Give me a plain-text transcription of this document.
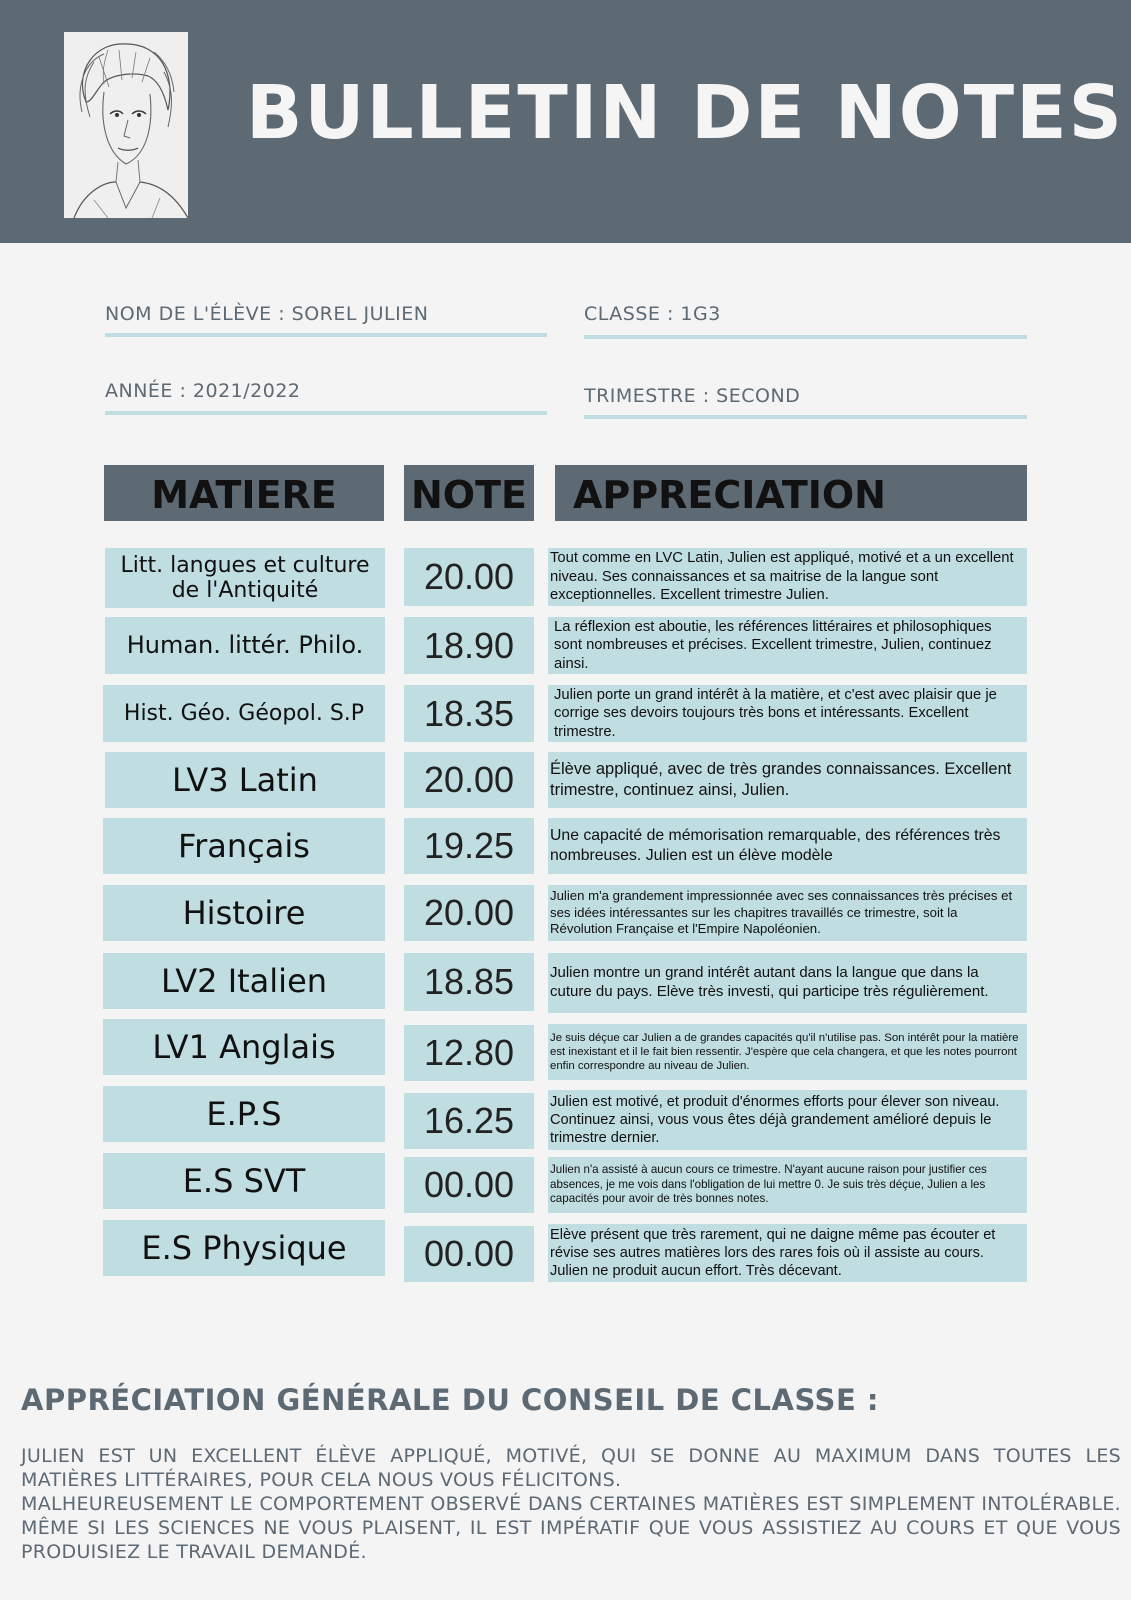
BULLETIN DE NOTES
NOM DE L'ÉLÈVE : SOREL JULIEN	CLASSE : 1G3
ANNÉE : 2021/2022	TRIMESTRE : SECOND
MATIERE	NOTE	APPRECIATION
Litt. langues et culture de l'Antiquité	20.00	Tout comme en LVC Latin, Julien est appliqué, motivé et a un excellent niveau. Ses connaissances et sa maitrise de la langue sont exceptionnelles. Excellent trimestre Julien.
Human. littér. Philo.	18.90	La réflexion est aboutie, les références littéraires et philosophiques sont nombreuses et précises. Excellent trimestre, Julien, continuez ainsi.
Hist. Géo. Géopol. S.P	18.35	Julien porte un grand intérêt à la matière, et c'est avec plaisir que je corrige ses devoirs toujours très bons et intéressants. Excellent trimestre.
LV3 Latin	20.00	Élève appliqué, avec de très grandes connaissances. Excellent trimestre, continuez ainsi, Julien.
Français	19.25	Une capacité de mémorisation remarquable, des références très nombreuses. Julien est un élève modèle
Histoire	20.00	Julien m'a grandement impressionnée avec ses connaissances très précises et ses idées intéressantes sur les chapitres travaillés ce trimestre, soit la Révolution Française et l'Empire Napoléonien.
LV2 Italien	18.85	Julien montre un grand intérêt autant dans la langue que dans la cuture du pays. Elève très investi, qui participe très régulièrement.
LV1 Anglais	12.80	Je suis déçue car Julien a de grandes capacités qu'il n'utilise pas. Son intérêt pour la matière est inexistant et il le fait bien ressentir. J'espère que cela changera, et que les notes pourront enfin correspondre au niveau de Julien.
E.P.S	16.25	Julien est motivé, et produit d'énormes efforts pour élever son niveau. Continuez ainsi, vous vous êtes déjà grandement amélioré depuis le trimestre dernier.
E.S SVT	00.00	Julien n'a assisté à aucun cours ce trimestre. N'ayant aucune raison pour justifier ces absences, je me vois dans l'obligation de lui mettre 0. Je suis très déçue, Julien a les capacités pour avoir de très bonnes notes.
E.S Physique	00.00	Elève présent que très rarement, qui ne daigne même pas écouter et révise ses autres matières lors des rares fois où il assiste au cours. Julien ne produit aucun effort. Très décevant.
APPRÉCIATION GÉNÉRALE DU CONSEIL DE CLASSE :

JULIEN EST UN EXCELLENT ÉLÈVE APPLIQUÉ, MOTIVÉ, QUI SE DONNE AU MAXIMUM DANS TOUTES LES MATIÈRES LITTÉRAIRES, POUR CELA NOUS VOUS FÉLICITONS.

MALHEUREUSEMENT LE COMPORTEMENT OBSERVÉ DANS CERTAINES MATIÈRES EST SIMPLEMENT INTOLÉRABLE. MÊME SI LES SCIENCES NE VOUS PLAISENT, IL EST IMPÉRATIF QUE VOUS ASSISTIEZ AU COURS ET QUE VOUS PRODUISIEZ LE TRAVAIL DEMANDÉ.
